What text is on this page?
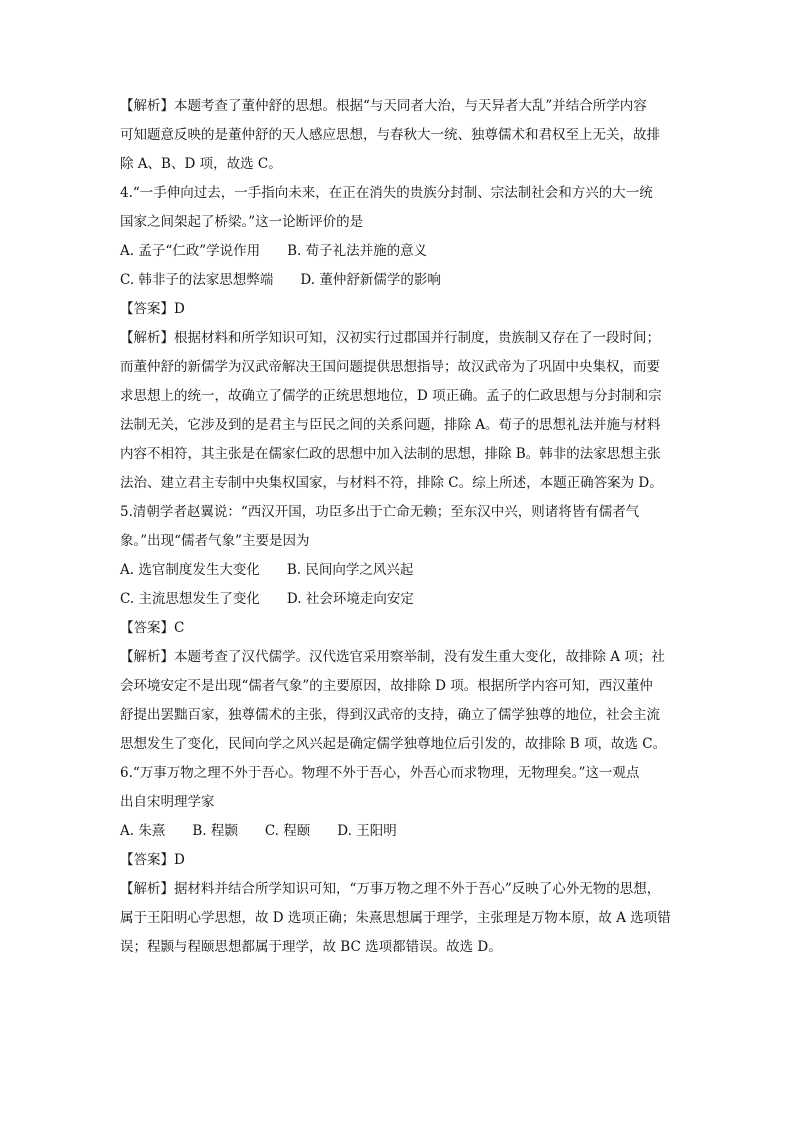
【解析】本题考查了董仲舒的思想。根据“与天同者大治，与天异者大乱”并结合所学内容

可知题意反映的是董仲舒的天人感应思想，与春秋大一统、独尊儒术和君权至上无关，故排

除 A、B、D 项，故选 C。

4.“一手伸向过去，一手指向未来，在正在消失的贵族分封制、宗法制社会和方兴的大一统

国家之间架起了桥梁。”这一论断评价的是

A. 孟子“仁政”学说作用　　B. 荀子礼法并施的意义

C. 韩非子的法家思想弊端　　D. 董仲舒新儒学的影响

【答案】D

【解析】根据材料和所学知识可知，汉初实行过郡国并行制度，贵族制又存在了一段时间；

而董仲舒的新儒学为汉武帝解决王国问题提供思想指导；故汉武帝为了巩固中央集权，而要

求思想上的统一，故确立了儒学的正统思想地位，D 项正确。孟子的仁政思想与分封制和宗

法制无关，它涉及到的是君主与臣民之间的关系问题，排除 A。荀子的思想礼法并施与材料

内容不相符，其主张是在儒家仁政的思想中加入法制的思想，排除 B。韩非的法家思想主张

法治、建立君主专制中央集权国家，与材料不符，排除 C。综上所述，本题正确答案为 D。

5.清朝学者赵翼说：“西汉开国，功臣多出于亡命无赖；至东汉中兴，则诸将皆有儒者气

象。”出现“儒者气象”主要是因为

A. 选官制度发生大变化　　B. 民间向学之风兴起

C. 主流思想发生了变化　　D. 社会环境走向安定

【答案】C

【解析】本题考查了汉代儒学。汉代选官采用察举制，没有发生重大变化，故排除 A 项；社

会环境安定不是出现“儒者气象”的主要原因，故排除 D 项。根据所学内容可知，西汉董仲

舒提出罢黜百家，独尊儒术的主张，得到汉武帝的支持，确立了儒学独尊的地位，社会主流

思想发生了变化，民间向学之风兴起是确定儒学独尊地位后引发的，故排除 B 项，故选 C。

6.“万事万物之理不外于吾心。物理不外于吾心，外吾心而求物理，无物理矣。”这一观点

出自宋明理学家

A. 朱熹　　B. 程颢　　C. 程颐　　D. 王阳明

【答案】D

【解析】据材料并结合所学知识可知，“万事万物之理不外于吾心”反映了心外无物的思想，

属于王阳明心学思想，故 D 选项正确；朱熹思想属于理学，主张理是万物本原，故 A 选项错

误；程颢与程颐思想都属于理学，故 BC 选项都错误。故选 D。
